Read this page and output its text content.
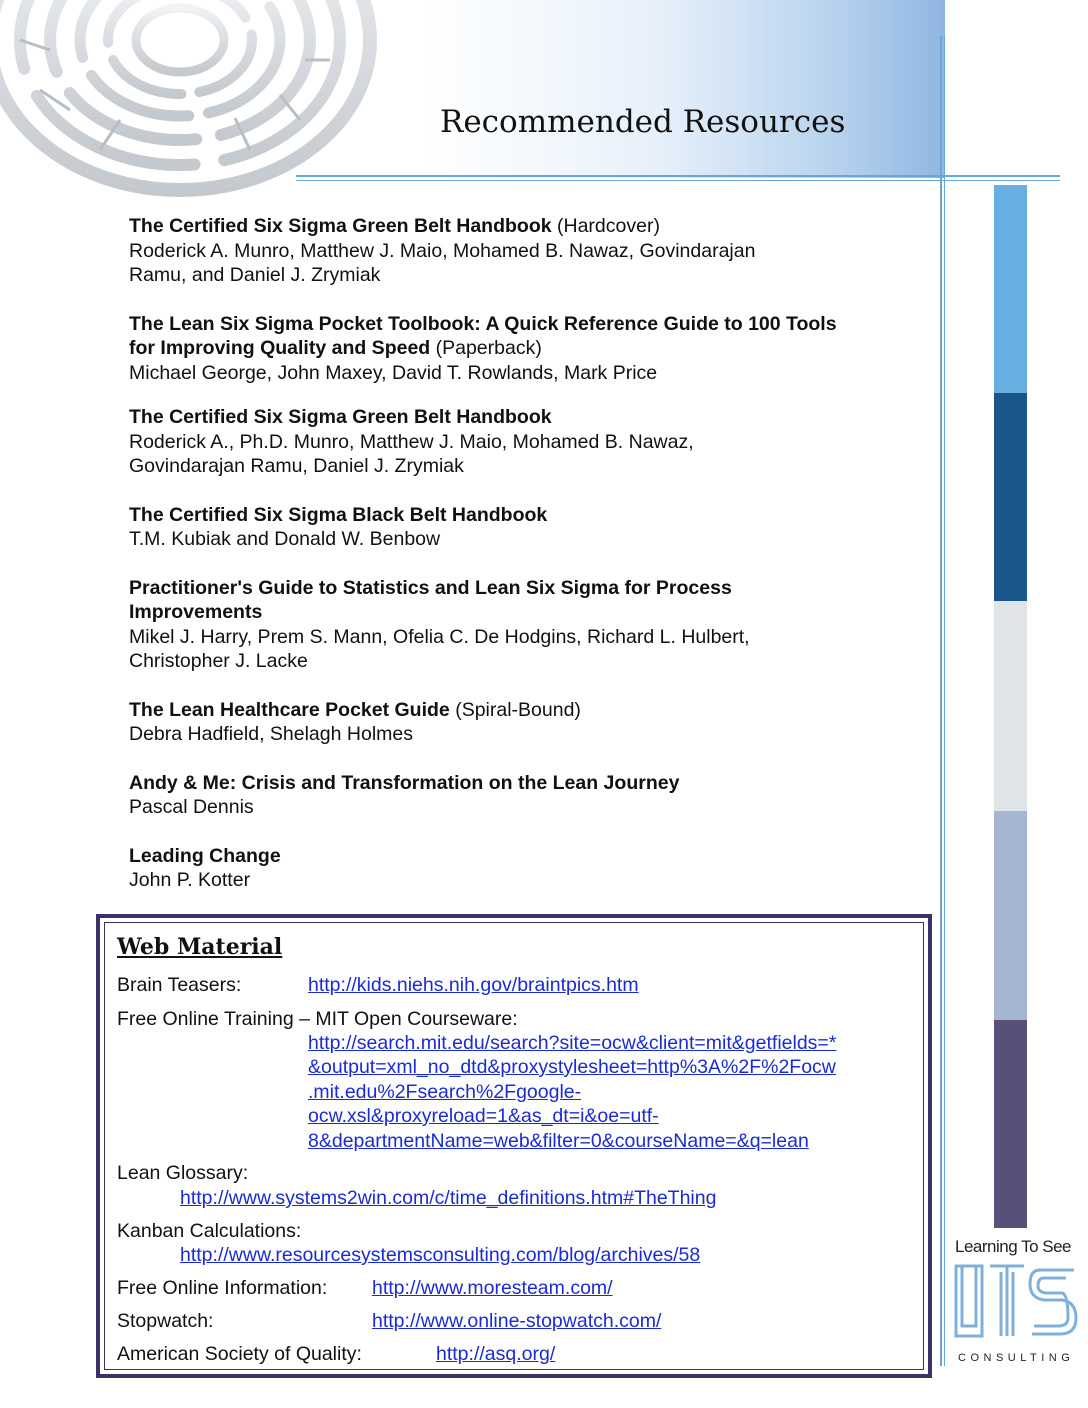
Recommended Resources
The Certified Six Sigma Green Belt Handbook (Hardcover)
Roderick A. Munro, Matthew J. Maio, Mohamed B. Nawaz, Govindarajan
Ramu, and Daniel J. Zrymiak
The Lean Six Sigma Pocket Toolbook: A Quick Reference Guide to 100 Tools for Improving Quality and Speed (Paperback)
Michael George, John Maxey, David T. Rowlands, Mark Price
The Certified Six Sigma Green Belt Handbook
Roderick A., Ph.D. Munro, Matthew J. Maio, Mohamed B. Nawaz,
Govindarajan Ramu, Daniel J. Zrymiak
The Certified Six Sigma Black Belt Handbook
T.M. Kubiak and Donald W. Benbow
Practitioner's Guide to Statistics and Lean Six Sigma for Process Improvements
Mikel J. Harry, Prem S. Mann, Ofelia C. De Hodgins, Richard L. Hulbert,
Christopher J. Lacke
The Lean Healthcare Pocket Guide (Spiral-Bound)
Debra Hadfield, Shelagh Holmes
Andy & Me: Crisis and Transformation on the Lean Journey
Pascal Dennis
Leading Change
John P. Kotter
Web Material
Brain Teasers:	http://kids.niehs.nih.gov/braintpics.htm
Free Online Training – MIT Open Courseware:
http://search.mit.edu/search?site=ocw&client=mit&getfields=*
&output=xml_no_dtd&proxystylesheet=http%3A%2F%2Focw
.mit.edu%2Fsearch%2Fgoogle-
ocw.xsl&proxyreload=1&as_dt=i&oe=utf-
8&departmentName=web&filter=0&courseName=&q=lean
Lean Glossary:
http://www.systems2win.com/c/time_definitions.htm#TheThing
Kanban Calculations:
http://www.resourcesystemsconsulting.com/blog/archives/58
Free Online Information: http://www.moresteam.com/
Stopwatch:	http://www.online-stopwatch.com/
American Society of Quality:	http://asq.org/
Learning To See
CONSULTING
